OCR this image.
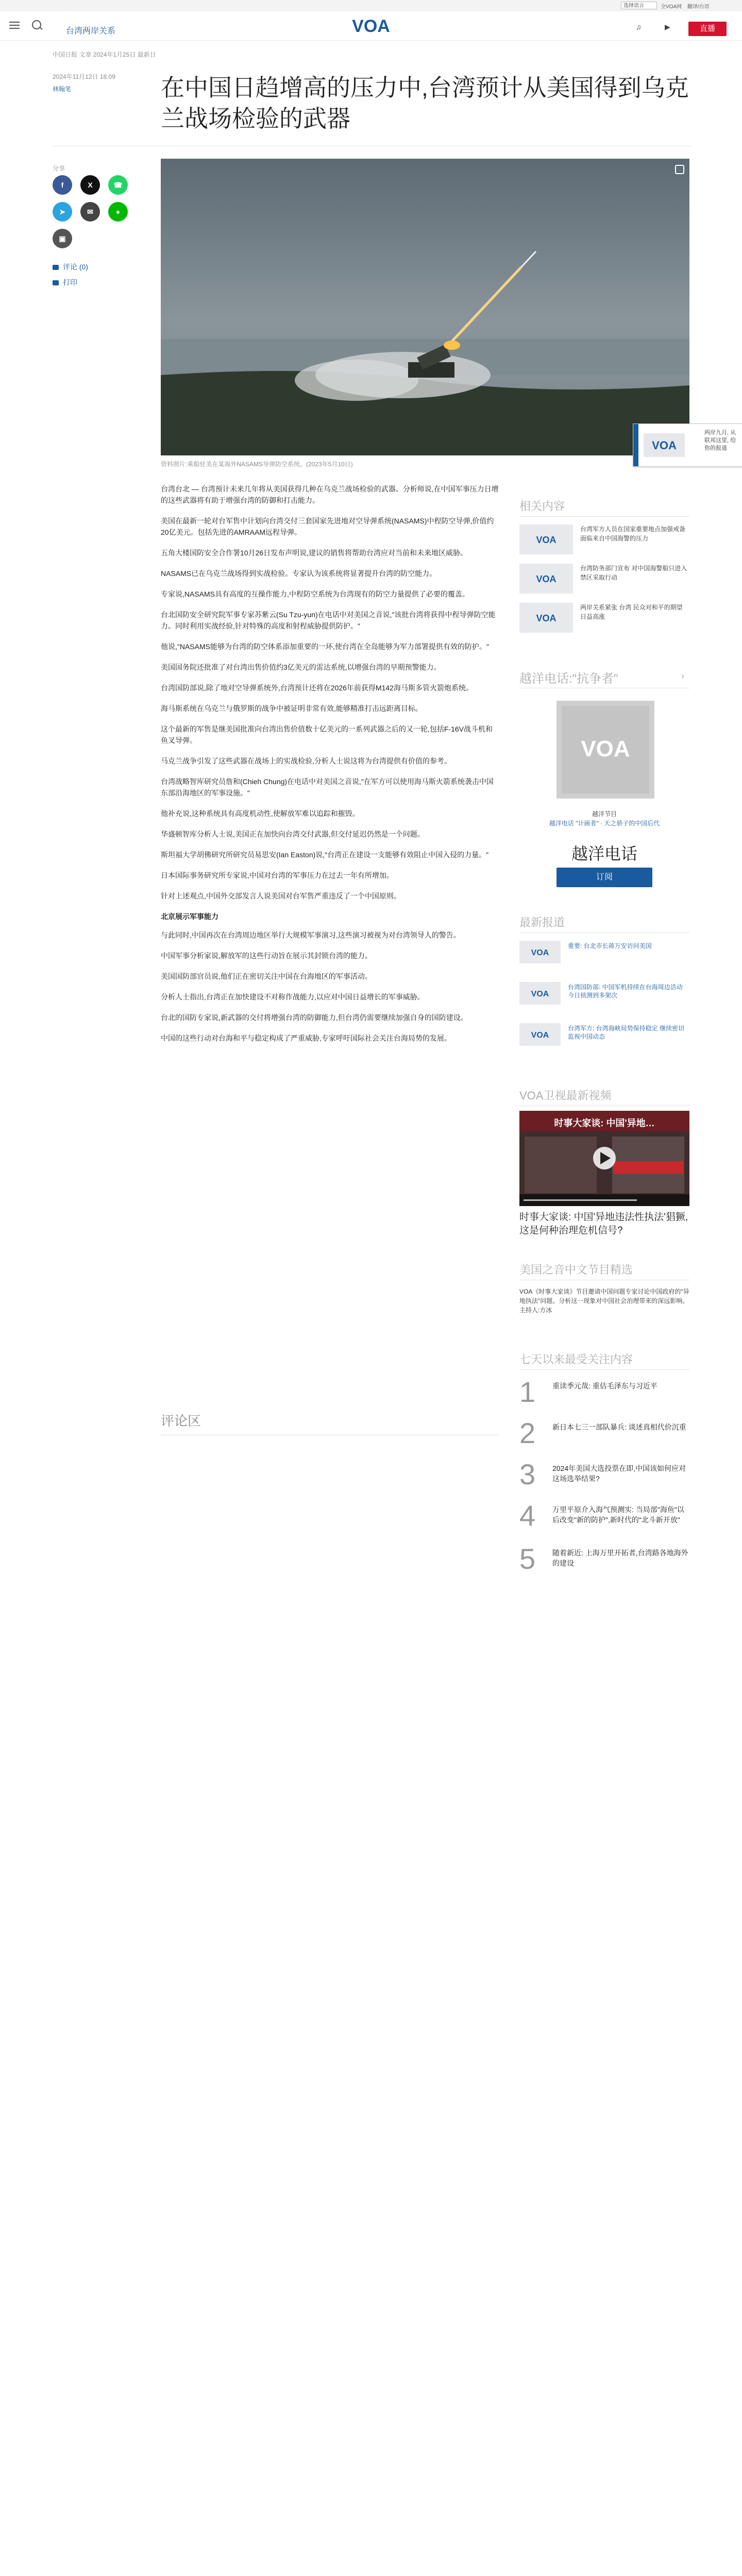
选择语言	全VOA网 翻译/台语
台湾两岸关系	VOA	♫	▶	直播
中国日报 文章 2024年1月25日 最新日
2024年11月12日 18:09
林翰笔	在中国日趋增高的压力中,台湾预计从美国得到乌克兰战场检验的武器
分享
f	X	☎
➤	✉	●
▣
评论 (0)
打印
资料照片:乘船驻美在某海外NASAMS导弹防空系统。(2023年5月10日)

台湾台北 — 台湾预计未来几年将从美国获得几种在乌克兰战场检验的武器。分析师说,在中国军事压力日增的这些武器将有助于增强台湾的防御和打击能力。

美国在最新一轮对台军售中计划向台湾交付三套国家先进地对空导弹系统(NASAMS)中程防空导弹,价值约20亿美元。包括先进的AMRAAM远程导弹。

五角大楼国防安全合作署10月26日发布声明说,建议的销售将帮助台湾应对当前和未来地区威胁。

NASAMS已在乌克兰战场得到实战检验。专家认为该系统将显著提升台湾的防空能力。

专家说,NASAMS具有高度的互操作能力,中程防空系统为台湾现有的防空力量提供了必要的覆盖。

台北国防安全研究院军事专家苏紫云(Su Tzu-yun)在电话中对美国之音说,"该批台湾将获得中程导弹防空能力。同时利用实战经验,针对特殊的高度和射程威胁提供防护。"

他说,"NASAMS能够为台湾的防空体系添加重要的一环,使台湾在全岛能够为军力部署提供有效的防护。"

美国国务院还批准了对台湾出售价值约3亿美元的雷达系统,以增强台湾的早期预警能力。

台湾国防部说,除了地对空导弹系统外,台湾预计还将在2026年前获得M142海马斯多管火箭炮系统。

海马斯系统在乌克兰与俄罗斯的战争中被证明非常有效,能够精准打击远距离目标。

这个最新的军售是继美国批准向台湾出售价值数十亿美元的一系列武器之后的又一轮,包括F-16V战斗机和鱼叉导弹。

马克兰战争引发了这些武器在战场上的实战检验,分析人士说这将为台湾提供有价值的参考。

台湾战略智库研究员詹和(Chieh Chung)在电话中对美国之音说,"在军方可以使用海马斯火箭系统袭击中国东部沿海地区的军事设施。"

他补充说,这种系统具有高度机动性,使解放军难以追踪和摧毁。

华盛顿智库分析人士说,美国正在加快向台湾交付武器,但交付延迟仍然是一个问题。

斯坦福大学胡佛研究所研究员易思安(Ian Easton)说,"台湾正在建设一支能够有效阻止中国入侵的力量。"

日本国际事务研究所专家说,中国对台湾的军事压力在过去一年有所增加。

针对上述观点,中国外交部发言人说美国对台军售严重违反了一个中国原则。

北京展示军事能力

与此同时,中国再次在台湾周边地区举行大规模军事演习,这些演习被视为对台湾领导人的警告。

中国军事分析家说,解放军的这些行动旨在展示其封锁台湾的能力。

美国国防部官员说,他们正在密切关注中国在台海地区的军事活动。

分析人士指出,台湾正在加快建设不对称作战能力,以应对中国日益增长的军事威胁。

台北的国防专家说,新武器的交付将增强台湾的防御能力,但台湾仍需要继续加强自身的国防建设。

中国的这些行动对台海和平与稳定构成了严重威胁,专家呼吁国际社会关注台海局势的发展。

评论区
VOA
两岸九月, 从联邦这里, 给你的报道
相关内容
VOA
台湾军方人员在国家重要地点加强戒备 面临来自中国海警的压力
VOA
台湾防务部门宣布 对中国海警船只进入禁区采取行动
VOA
两岸关系紧张 台湾 民众对和平的期望日益高涨
越洋电话:"抗争者"	›
VOA
越洋节目
越洋电话 "计画者" · 天之骄子的中国后代
越洋电话
订阅
最新报道
VOA
重要: 台北市长蒋万安访问美国
VOA
台湾国防部: 中国军机持续在台海周边活动 今日侦测到多架次
VOA
台湾军方: 台湾海峡局势保持稳定 继续密切监视中国动态
VOA卫视最新视频
时事大家谈: 中国'异地…
时事大家谈: 中国'异地违法性执法'猖獗,这是何种治理危机信号?
美国之音中文节目精选
VOA《时事大家谈》节目邀请中国问题专家讨论中国政府的"异地执法"问题。分析这一现象对中国社会治理带来的深远影响。主持人:方冰
七天以来最受关注内容
1 重读季元哉: 重估毛泽东与习近平
2 新日本七三一部队暴兵: 谈述真相代价沉重
3 2024年美国大选投票在即,中国该如何应对这场选举结果?
4 万里平原介入海气预测实: 当局部"海鱼"以后改变"新的防护",新时代的"北斗新开放"
5 随着新近: 上海万里开拓者,台湾路各地海外的建设
